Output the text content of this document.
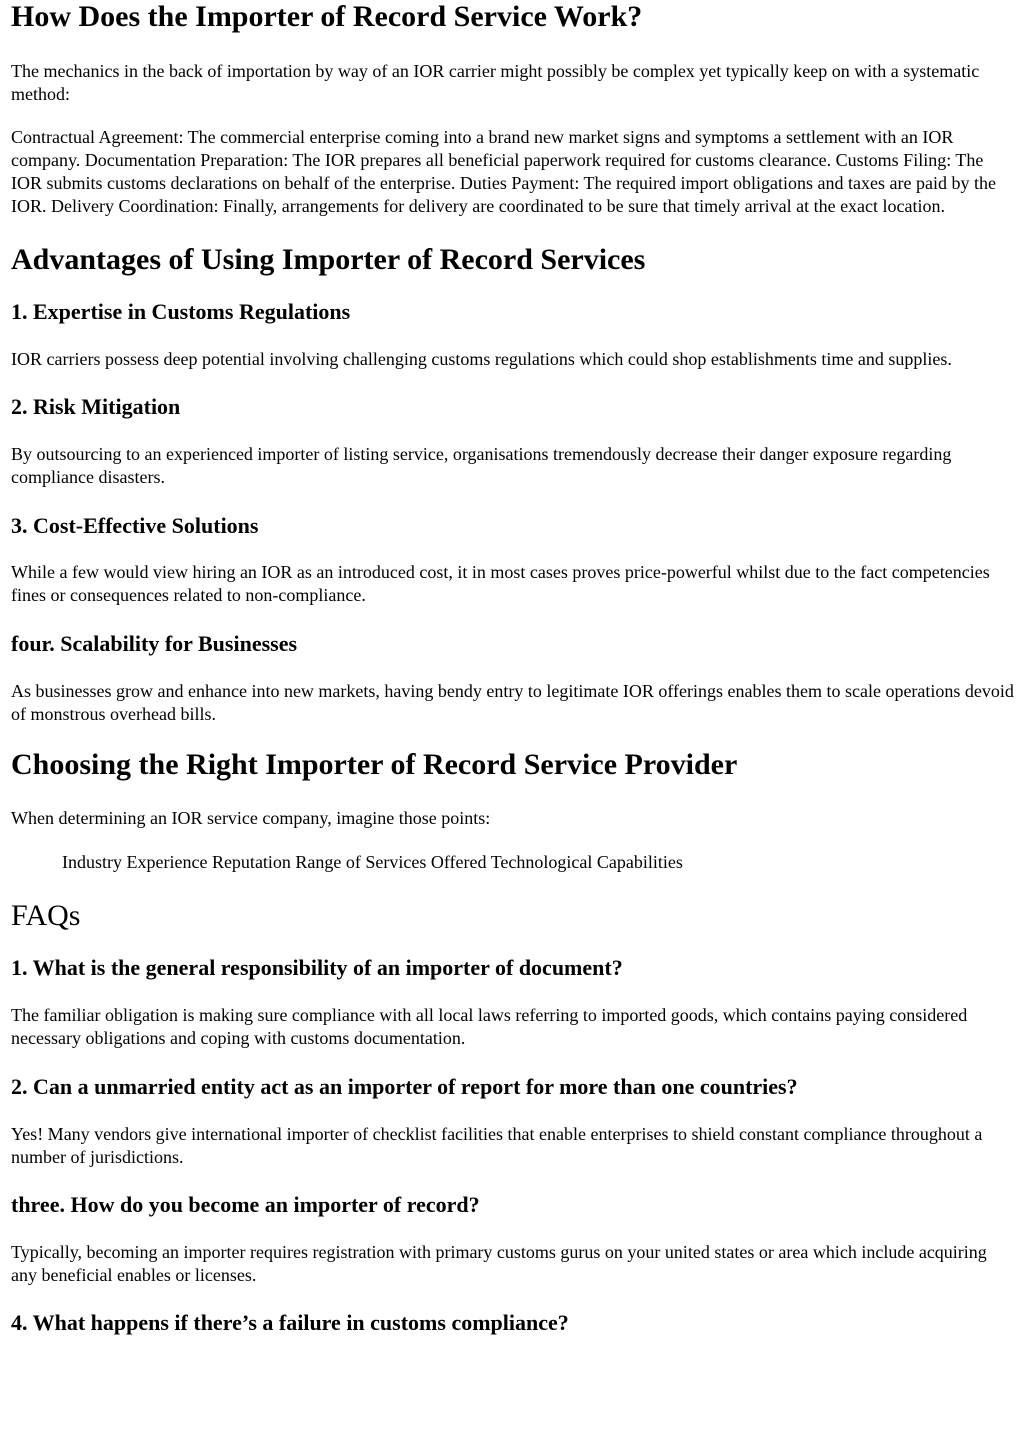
How Does the Importer of Record Service Work?

The mechanics in the back of importation by way of an IOR carrier might possibly be complex yet typically keep on with a systematic method:

Contractual Agreement: The commercial enterprise coming into a brand new market signs and symptoms a settlement with an IOR company. Documentation Preparation: The IOR prepares all beneficial paperwork required for customs clearance. Customs Filing: The IOR submits customs declarations on behalf of the enterprise. Duties Payment: The required import obligations and taxes are paid by the IOR. Delivery Coordination: Finally, arrangements for delivery are coordinated to be sure that timely arrival at the exact location.

Advantages of Using Importer of Record Services
1. Expertise in Customs Regulations

IOR carriers possess deep potential involving challenging customs regulations which could shop establishments time and supplies.

2. Risk Mitigation

By outsourcing to an experienced importer of listing service, organisations tremendously decrease their danger exposure regarding compliance disasters.

3. Cost-Effective Solutions

While a few would view hiring an IOR as an introduced cost, it in most cases proves price-powerful whilst due to the fact competencies fines or consequences related to non-compliance.

four. Scalability for Businesses

As businesses grow and enhance into new markets, having bendy entry to legitimate IOR offerings enables them to scale operations devoid of monstrous overhead bills.

Choosing the Right Importer of Record Service Provider

When determining an IOR service company, imagine those points:

Industry Experience Reputation Range of Services Offered Technological Capabilities

FAQs
1. What is the general responsibility of an importer of document?

The familiar obligation is making sure compliance with all local laws referring to imported goods, which contains paying considered necessary obligations and coping with customs documentation.

2. Can a unmarried entity act as an importer of report for more than one countries?

Yes! Many vendors give international importer of checklist facilities that enable enterprises to shield constant compliance throughout a number of jurisdictions.

three. How do you become an importer of record?

Typically, becoming an importer requires registration with primary customs gurus on your united states or area which include acquiring any beneficial enables or licenses.

4. What happens if there’s a failure in customs compliance?
